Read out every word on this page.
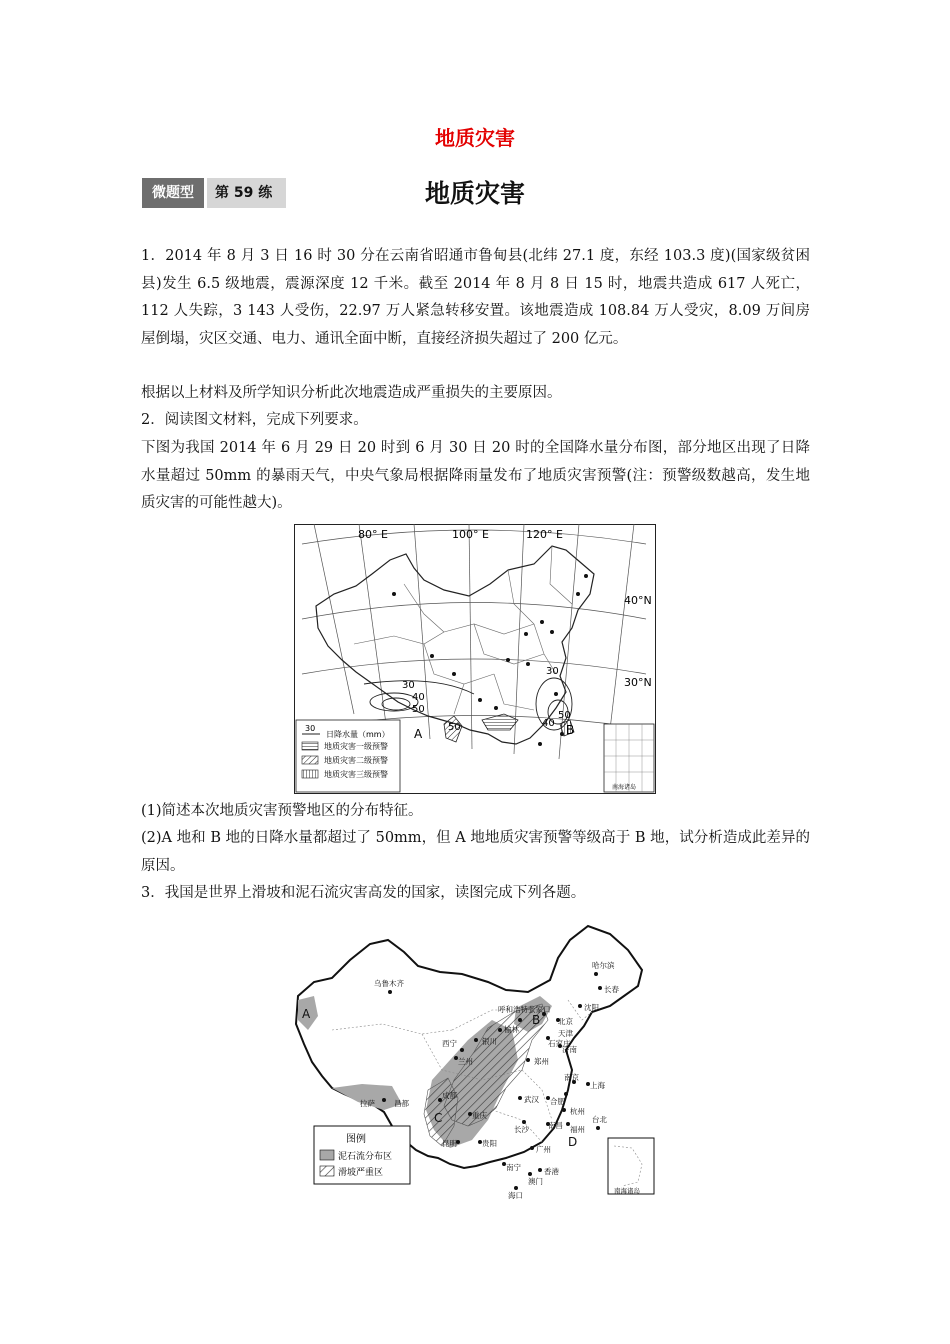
地质灾害
微题型	第 59 练	地质灾害

1．2014 年 8 月 3 日 16 时 30 分在云南省昭通市鲁甸县(北纬 27.1 度，东经 103.3 度)(国家级贫困县)发生 6.5 级地震，震源深度 12 千米。截至 2014 年 8 月 8 日 15 时，地震共造成 617 人死亡，112 人失踪，3 143 人受伤，22.97 万人紧急转移安置。该地震造成 108.84 万人受灾，8.09 万间房屋倒塌，灾区交通、电力、通讯全面中断，直接经济损失超过了 200 亿元。

根据以上材料及所学知识分析此次地震造成严重损失的主要原因。

2．阅读图文材料，完成下列要求。

下图为我国 2014 年 6 月 29 日 20 时到 6 月 30 日 20 时的全国降水量分布图，部分地区出现了日降水量超过 50mm 的暴雨天气，中央气象局根据降雨量发布了地质灾害预警(注：预警级数越高，发生地质灾害的可能性越大)。

80° E	100° E	120° E
40°N
30°N
30
40
50
30
40
50
A	B
30
日降水量（mm）
地质灾害一级预警
地质灾害二级预警
地质灾害三级预警
南海诸岛

(1)简述本次地质灾害预警地区的分布特征。

(2)A 地和 B 地的日降水量都超过了 50mm，但 A 地地质灾害预警等级高于 B 地，试分析造成此差异的原因。

3．我国是世界上滑坡和泥石流灾害高发的国家，读图完成下列各题。

乌鲁木齐
哈尔滨
长春
沈阳
呼和浩特 张家口
北京
天津
榆林
银川	石家庄
济南
西宁
兰州	郑州
南京
上海
拉萨
成都	武汉 合肥
杭州
重庆
长沙	南昌 福州
台北
昆明	贵阳
广州
南宁	香港
澳门
海口
昌都
A	B
C
D
图例
泥石流分布区
滑坡严重区
南海诸岛
